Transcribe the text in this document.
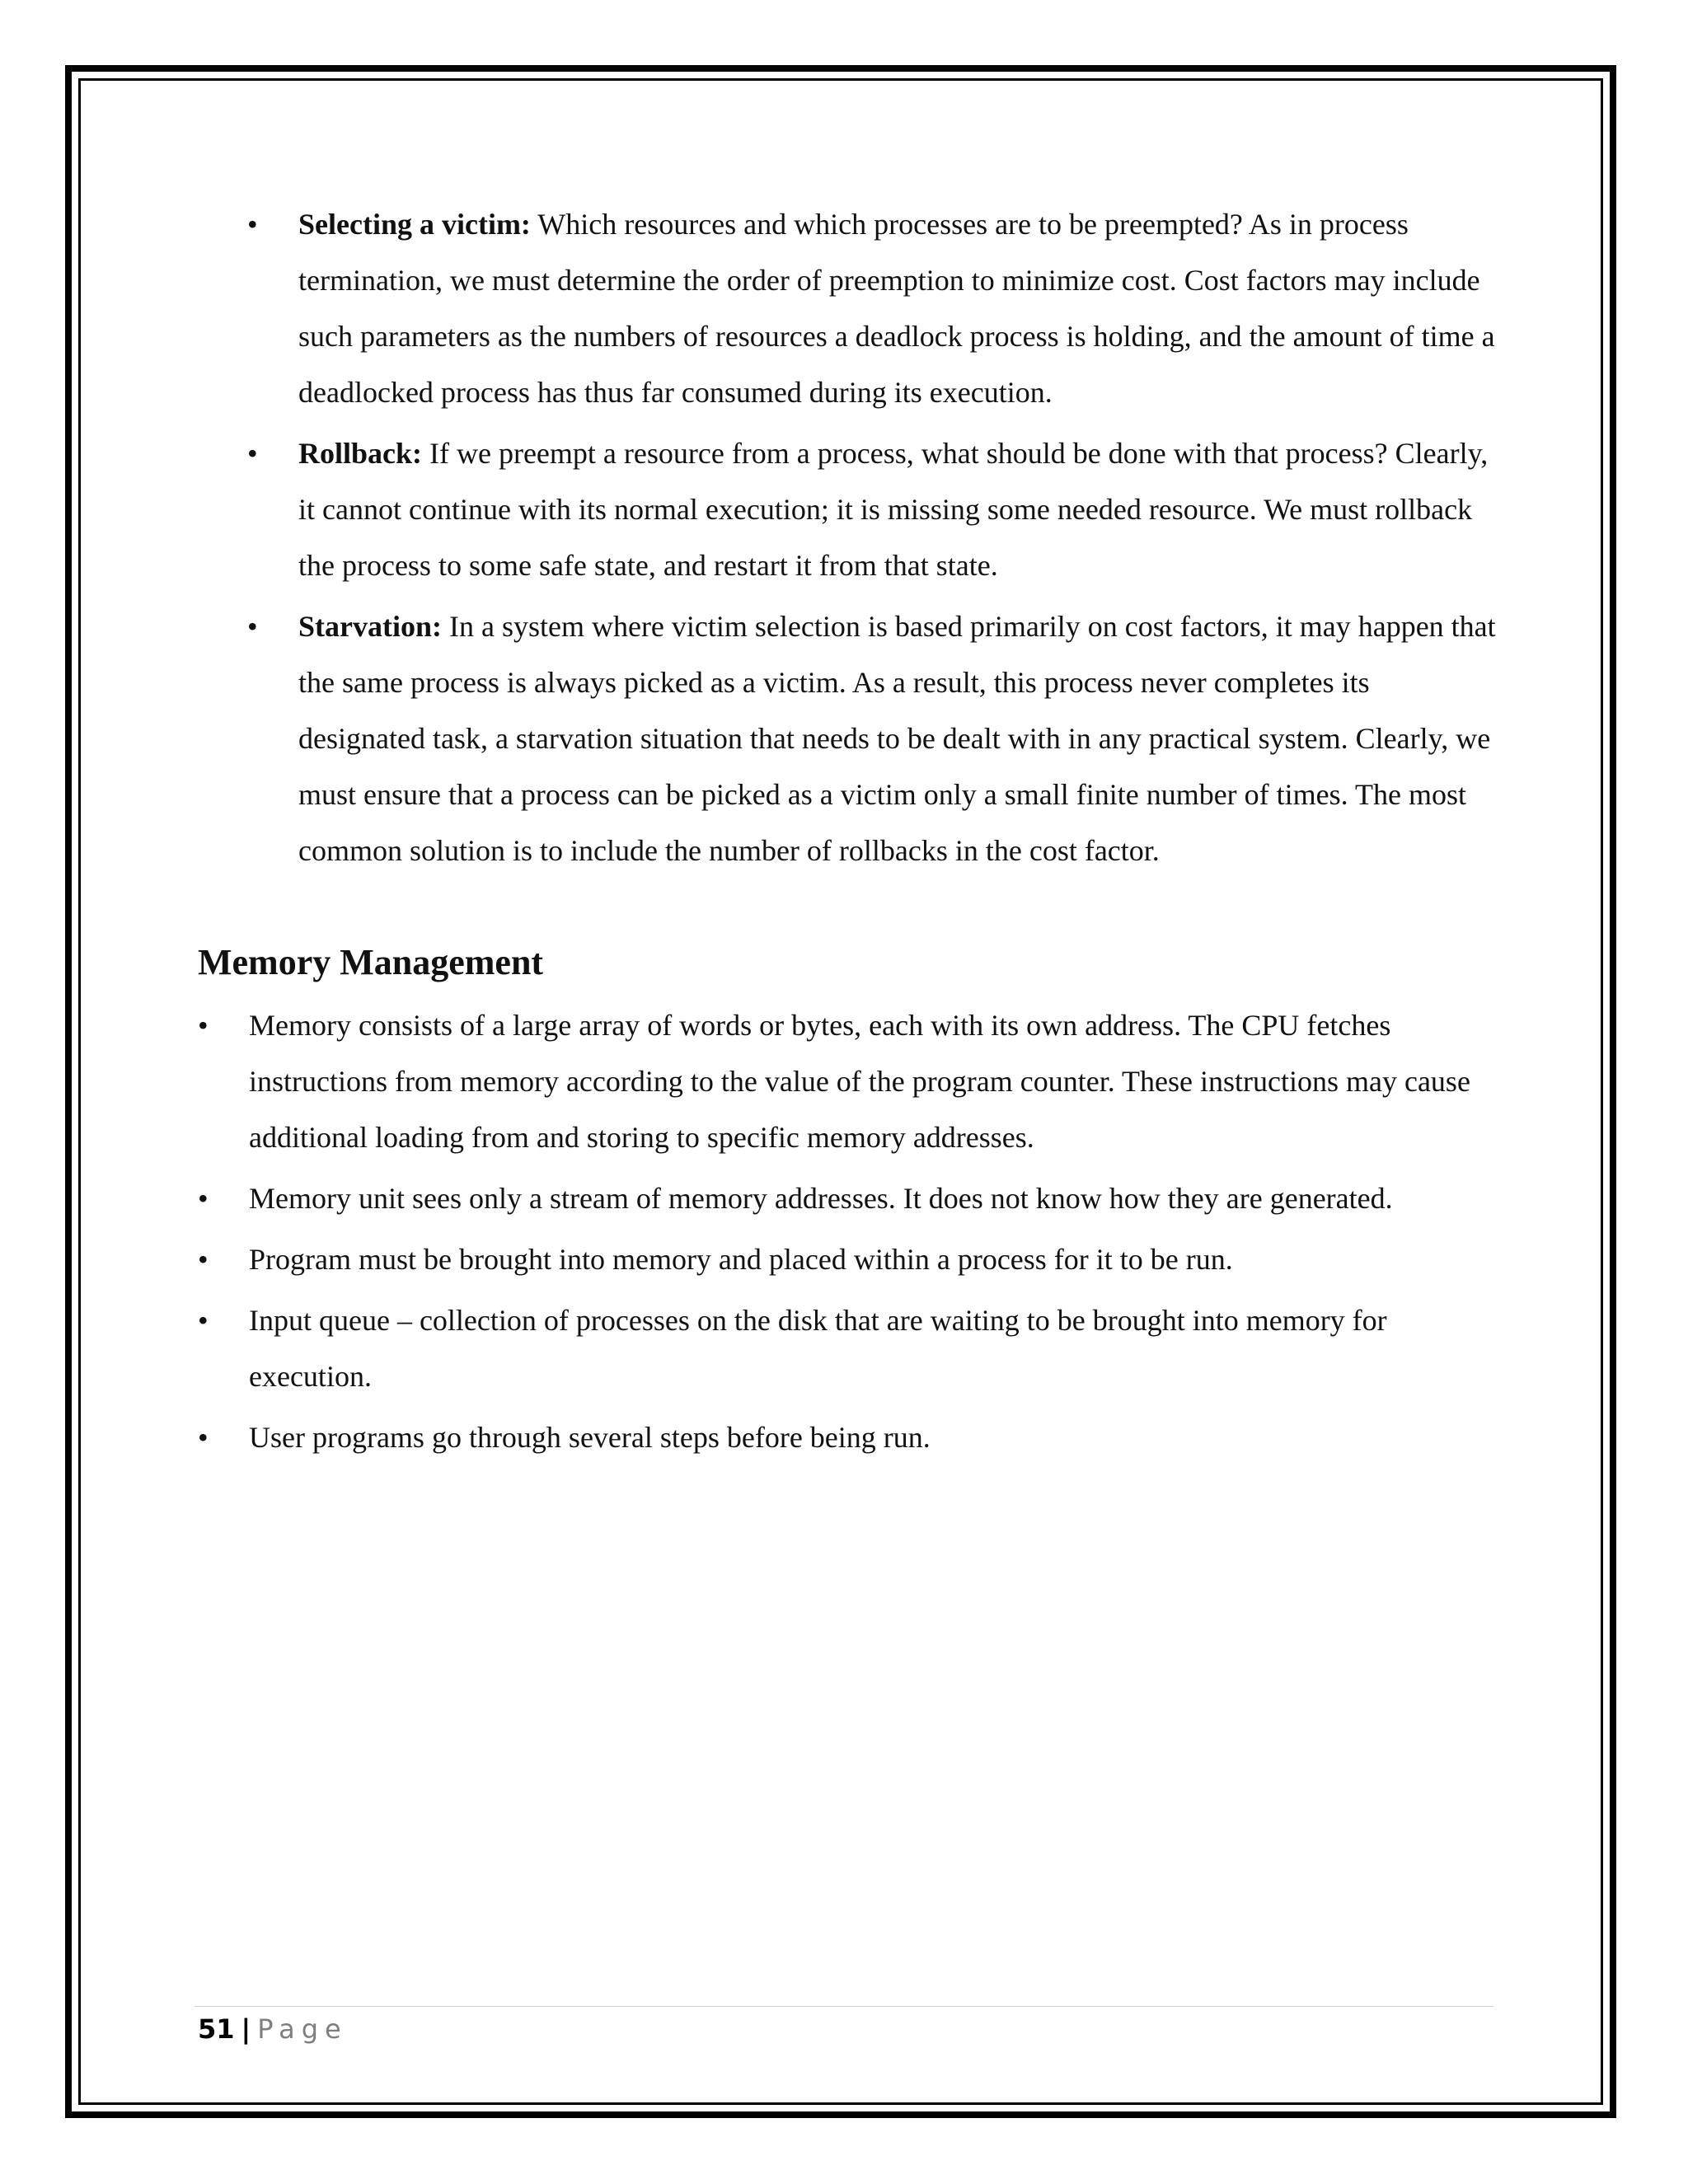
• Selecting a victim: Which resources and which processes are to be preempted? As in process termination, we must determine the order of preemption to minimize cost. Cost factors may include such parameters as the numbers of resources a deadlock process is holding, and the amount of time a deadlocked process has thus far consumed during its execution.
• Rollback: If we preempt a resource from a process, what should be done with that process? Clearly, it cannot continue with its normal execution; it is missing some needed resource. We must rollback the process to some safe state, and restart it from that state.
• Starvation: In a system where victim selection is based primarily on cost factors, it may happen that the same process is always picked as a victim. As a result, this process never completes its designated task, a starvation situation that needs to be dealt with in any practical system. Clearly, we must ensure that a process can be picked as a victim only a small finite number of times. The most common solution is to include the number of rollbacks in the cost factor.
Memory Management
• Memory consists of a large array of words or bytes, each with its own address. The CPU fetches instructions from memory according to the value of the program counter. These instructions may cause additional loading from and storing to specific memory addresses.
• Memory unit sees only a stream of memory addresses. It does not know how they are generated.
• Program must be brought into memory and placed within a process for it to be run.
• Input queue – collection of processes on the disk that are waiting to be brought into memory for execution.
• User programs go through several steps before being run.
51 | Page
